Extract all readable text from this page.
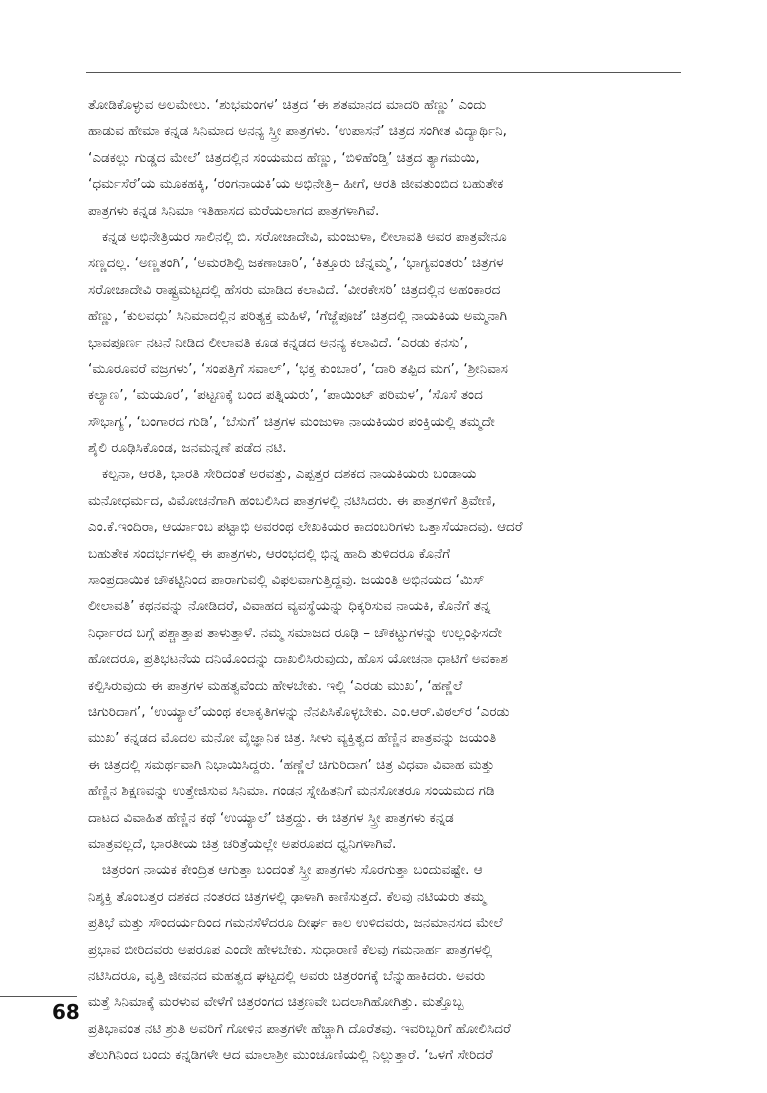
ತೋಡಿಕೊಳ್ಳುವ ಅಲಮೇಲು. ‘ಶುಭಮಂಗಳ’ ಚಿತ್ರದ ‘ಈ ಶತಮಾನದ ಮಾದರಿ ಹೆಣ್ಣು’ ಎಂದು
ಹಾಡುವ ಹೇಮಾ ಕನ್ನಡ ಸಿನಿಮಾದ ಅನನ್ಯ ಸ್ತ್ರೀ ಪಾತ್ರಗಳು. ‘ಉಪಾಸನೆ’ ಚಿತ್ರದ ಸಂಗೀತ ವಿದ್ಯಾರ್ಥಿನಿ,
‘ಎಡಕಲ್ಲು ಗುಡ್ಡದ ಮೇಲೆ’ ಚಿತ್ರದಲ್ಲಿನ ಸಂಯಮದ ಹೆಣ್ಣು, ‘ಬಿಳಿಹೆಂಡ್ತಿ’ ಚಿತ್ರದ ತ್ಯಾಗಮಯಿ,
‘ಧರ್ಮಸೆರೆ’ಯ ಮೂಕಹಕ್ಕಿ, ‘ರಂಗನಾಯಕಿ’ಯ ಅಭಿನೇತ್ರಿ– ಹೀಗೆ, ಆರತಿ ಜೀವತುಂಬಿದ ಬಹುತೇಕ
ಪಾತ್ರಗಳು ಕನ್ನಡ ಸಿನಿಮಾ ಇತಿಹಾಸದ ಮರೆಯಲಾಗದ ಪಾತ್ರಗಳಾಗಿವೆ.
ಕನ್ನಡ ಅಭಿನೇತ್ರಿಯರ ಸಾಲಿನಲ್ಲಿ ಬಿ. ಸರೋಜಾದೇವಿ, ಮಂಜುಳಾ, ಲೀಲಾವತಿ ಅವರ ಪಾತ್ರವೇನೂ
ಸಣ್ಣದಲ್ಲ. ‘ಅಣ್ಣತಂಗಿ’, ‘ಅಮರಶಿಲ್ಪಿ ಜಕಣಾಚಾರಿ’, ‘ಕಿತ್ತೂರು ಚೆನ್ನಮ್ಮ’, ‘ಭಾಗ್ಯವಂತರು’ ಚಿತ್ರಗಳ
ಸರೋಜಾದೇವಿ ರಾಷ್ಟ್ರಮಟ್ಟದಲ್ಲಿ ಹೆಸರು ಮಾಡಿದ ಕಲಾವಿದೆ. ‘ವೀರಕೇಸರಿ’ ಚಿತ್ರದಲ್ಲಿನ ಅಹಂಕಾರದ
ಹೆಣ್ಣು, ‘ಕುಲವಧು’ ಸಿನಿಮಾದಲ್ಲಿನ ಪರಿತ್ಯಕ್ತ ಮಹಿಳೆ, ‘ಗೆಜ್ಜೆಪೂಜೆ’ ಚಿತ್ರದಲ್ಲಿ ನಾಯಕಿಯ ಅಮ್ಮನಾಗಿ
ಭಾವಪೂರ್ಣ ನಟನೆ ನೀಡಿದ ಲೀಲಾವತಿ ಕೂಡ ಕನ್ನಡದ ಅನನ್ಯ ಕಲಾವಿದೆ. ‘ಎರಡು ಕನಸು’,
‘ಮೂರೂವರೆ ವಜ್ರಗಳು’, ‘ಸಂಪತ್ತಿಗೆ ಸವಾಲ್’, ‘ಭಕ್ತ ಕುಂಬಾರ’, ‘ದಾರಿ ತಪ್ಪಿದ ಮಗ’, ‘ಶ್ರೀನಿವಾಸ
ಕಲ್ಯಾಣ’, ‘ಮಯೂರ’, ‘ಪಟ್ಟಣಕ್ಕೆ ಬಂದ ಪತ್ನಿಯರು’, ‘ಪಾಯಿಂಟ್ ಪರಿಮಳ’, ‘ಸೊಸೆ ತಂದ
ಸೌಭಾಗ್ಯ’, ‘ಬಂಗಾರದ ಗುಡಿ’, ‘ಬೆಸುಗೆ’ ಚಿತ್ರಗಳ ಮಂಜುಳಾ ನಾಯಕಿಯರ ಪಂಕ್ತಿಯಲ್ಲಿ ತಮ್ಮದೇ
ಶೈಲಿ ರೂಢಿಸಿಕೊಂಡ, ಜನಮನ್ನಣೆ ಪಡೆದ ನಟಿ.
ಕಲ್ಪನಾ, ಆರತಿ, ಭಾರತಿ ಸೇರಿದಂತೆ ಅರವತ್ತು, ಎಪ್ಪತ್ತರ ದಶಕದ ನಾಯಕಿಯರು ಬಂಡಾಯ
ಮನೋಧರ್ಮದ, ವಿಮೋಚನೆಗಾಗಿ ಹಂಬಲಿಸಿದ ಪಾತ್ರಗಳಲ್ಲಿ ನಟಿಸಿದರು. ಈ ಪಾತ್ರಗಳಿಗೆ ತ್ರಿವೇಣಿ,
ಎಂ.ಕೆ.ಇಂದಿರಾ, ಆರ್ಯಾಂಬ ಪಟ್ಟಾಭಿ ಅವರಂಥ ಲೇಖಕಿಯರ ಕಾದಂಬರಿಗಳು ಒತ್ತಾಸೆಯಾದವು. ಆದರೆ
ಬಹುತೇಕ ಸಂದರ್ಭಗಳಲ್ಲಿ ಈ ಪಾತ್ರಗಳು, ಆರಂಭದಲ್ಲಿ ಭಿನ್ನ ಹಾದಿ ತುಳಿದರೂ ಕೊನೆಗೆ
ಸಾಂಪ್ರದಾಯಿಕ ಚೌಕಟ್ಟಿನಿಂದ ಪಾರಾಗುವಲ್ಲಿ ವಿಫಲವಾಗುತ್ತಿದ್ದವು. ಜಯಂತಿ ಅಭಿನಯದ ‘ಮಿಸ್
ಲೀಲಾವತಿ’ ಕಥನವನ್ನು ನೋಡಿದರೆ, ವಿವಾಹದ ವ್ಯವಸ್ಥೆಯನ್ನು ಧಿಕ್ಕರಿಸುವ ನಾಯಕಿ, ಕೊನೆಗೆ ತನ್ನ
ನಿರ್ಧಾರದ ಬಗ್ಗೆ ಪಶ್ಚಾತ್ತಾಪ ತಾಳುತ್ತಾಳೆ. ನಮ್ಮ ಸಮಾಜದ ರೂಢಿ – ಚೌಕಟ್ಟುಗಳನ್ನು ಉಲ್ಲಂಘಿಸದೇ
ಹೋದರೂ, ಪ್ರತಿಭಟನೆಯ ದನಿಯೊಂದನ್ನು ದಾಖಲಿಸಿರುವುದು, ಹೊಸ ಯೋಚನಾ ಧಾಟಿಗೆ ಅವಕಾಶ
ಕಲ್ಪಿಸಿರುವುದು ಈ ಪಾತ್ರಗಳ ಮಹತ್ವವೆಂದು ಹೇಳಬೇಕು. ಇಲ್ಲಿ ‘ಎರಡು ಮುಖ’, ‘ಹಣ್ಣೆಲೆ
ಚಿಗುರಿದಾಗ’, ‘ಉಯ್ಯಾಲೆ’ಯಂಥ ಕಲಾಕೃತಿಗಳನ್ನು ನೆನಪಿಸಿಕೊಳ್ಳಬೇಕು. ಎಂ.ಆರ್.ವಿಠಲ್‌ರ ‘ಎರಡು
ಮುಖ’ ಕನ್ನಡದ ಮೊದಲ ಮನೋ ವೈಜ್ಞಾನಿಕ ಚಿತ್ರ. ಸೀಳು ವ್ಯಕ್ತಿತ್ವದ ಹೆಣ್ಣಿನ ಪಾತ್ರವನ್ನು ಜಯಂತಿ
ಈ ಚಿತ್ರದಲ್ಲಿ ಸಮರ್ಥವಾಗಿ ನಿಭಾಯಿಸಿದ್ದರು. ‘ಹಣ್ಣೆಲೆ ಚಿಗುರಿದಾಗ’ ಚಿತ್ರ ವಿಧವಾ ವಿವಾಹ ಮತ್ತು
ಹೆಣ್ಣಿನ ಶಿಕ್ಷಣವನ್ನು ಉತ್ತೇಜಿಸುವ ಸಿನಿಮಾ. ಗಂಡನ ಸ್ನೇಹಿತನಿಗೆ ಮನಸೋತರೂ ಸಂಯಮದ ಗಡಿ
ದಾಟದ ವಿವಾಹಿತ ಹೆಣ್ಣಿನ ಕಥೆ ‘ಉಯ್ಯಾಲೆ’ ಚಿತ್ರದ್ದು. ಈ ಚಿತ್ರಗಳ ಸ್ತ್ರೀ ಪಾತ್ರಗಳು ಕನ್ನಡ
ಮಾತ್ರವಲ್ಲದೆ, ಭಾರತೀಯ ಚಿತ್ರ ಚರಿತ್ರೆಯಲ್ಲೇ ಅಪರೂಪದ ಧ್ವನಿಗಳಾಗಿವೆ.
ಚಿತ್ರರಂಗ ನಾಯಕ ಕೇಂದ್ರಿತ ಆಗುತ್ತಾ ಬಂದಂತೆ ಸ್ತ್ರೀ ಪಾತ್ರಗಳು ಸೊರಗುತ್ತಾ ಬಂದುವಷ್ಟೇ. ಆ
ನಿಶ್ಶಕ್ತಿ ತೊಂಬತ್ತರ ದಶಕದ ನಂತರದ ಚಿತ್ರಗಳಲ್ಲಿ ಢಾಳಾಗಿ ಕಾಣಿಸುತ್ತದೆ. ಕೆಲವು ನಟಿಯರು ತಮ್ಮ
ಪ್ರತಿಭೆ ಮತ್ತು ಸೌಂದರ್ಯದಿಂದ ಗಮನಸೆಳೆದರೂ ದೀರ್ಘ ಕಾಲ ಉಳಿದವರು, ಜನಮಾನಸದ ಮೇಲೆ
ಪ್ರಭಾವ ಬೀರಿದವರು ಅಪರೂಪ ಎಂದೇ ಹೇಳಬೇಕು. ಸುಧಾರಾಣಿ ಕೆಲವು ಗಮನಾರ್ಹ ಪಾತ್ರಗಳಲ್ಲಿ
ನಟಿಸಿದರೂ, ವೃತ್ತಿ ಜೀವನದ ಮಹತ್ವದ ಘಟ್ಟದಲ್ಲಿ ಅವರು ಚಿತ್ರರಂಗಕ್ಕೆ ಬೆನ್ನುಹಾಕಿದರು. ಅವರು
ಮತ್ತೆ ಸಿನಿಮಾಕ್ಕೆ ಮರಳುವ ವೇಳೆಗೆ ಚಿತ್ರರಂಗದ ಚಿತ್ರಣವೇ ಬದಲಾಗಿಹೋಗಿತ್ತು. ಮತ್ತೊಬ್ಬ
ಪ್ರತಿಭಾವಂತ ನಟಿ ಶ್ರುತಿ ಅವರಿಗೆ ಗೋಳಿನ ಪಾತ್ರಗಳೇ ಹೆಚ್ಚಾಗಿ ದೊರೆತವು. ಇವರಿಬ್ಬರಿಗೆ ಹೋಲಿಸಿದರೆ
ತೆಲುಗಿನಿಂದ ಬಂದು ಕನ್ನಡಿಗಳೇ ಆದ ಮಾಲಾಶ್ರೀ ಮುಂಚೂಣಿಯಲ್ಲಿ ನಿಲ್ಲುತ್ತಾರೆ. ‘ಒಳಗೆ ಸೇರಿದರೆ
68
